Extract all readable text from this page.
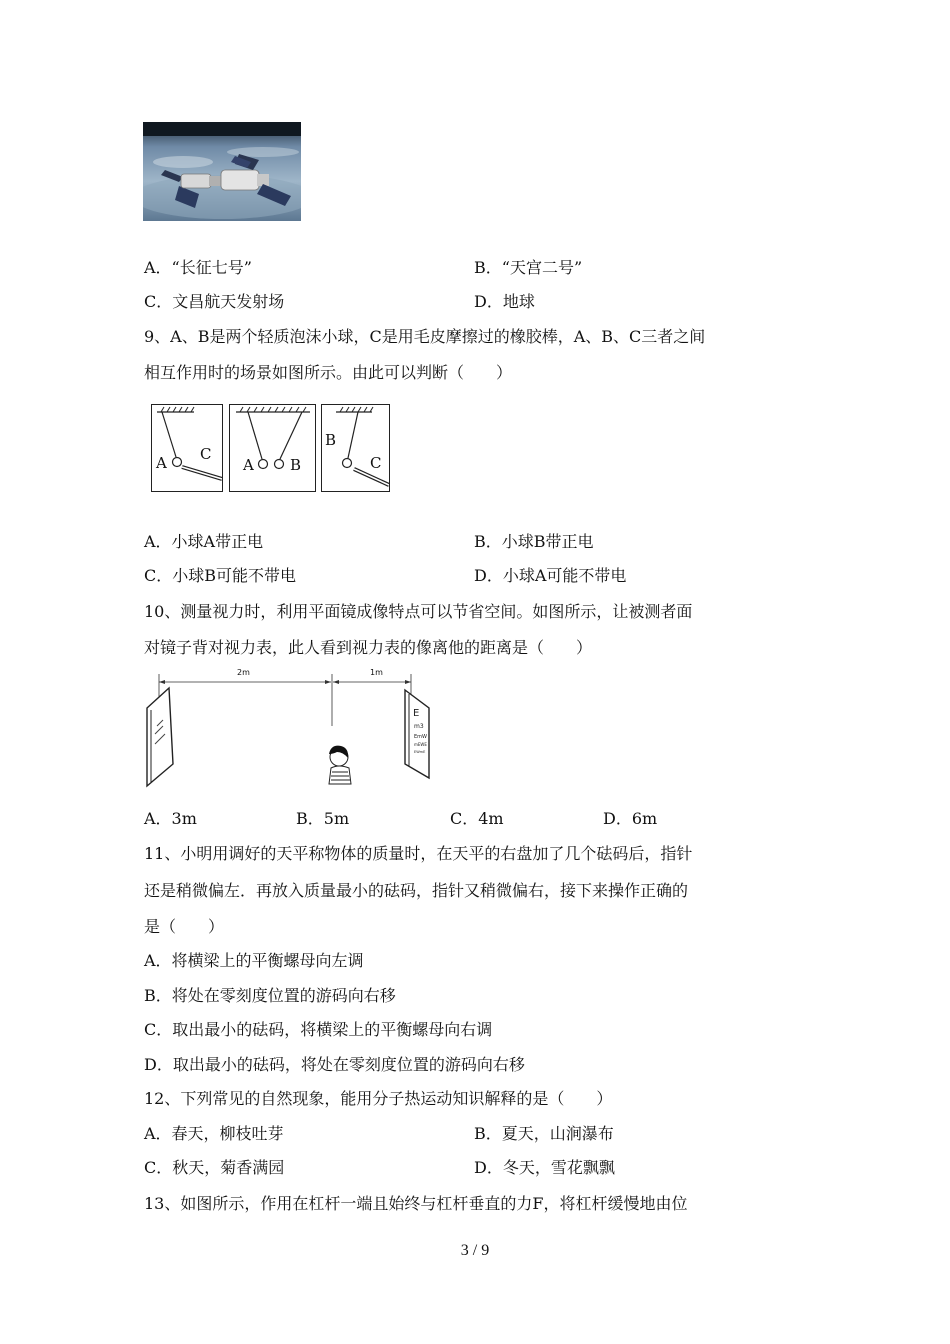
A．“长征七号”	B．“天宫二号”
C．文昌航天发射场	D．地球
9、A、B是两个轻质泡沫小球，C是用毛皮摩擦过的橡胶棒，A、B、C三者之间
相互作用时的场景如图所示。由此可以判断（　　）
A C
A B
B
C
A．小球A带正电	B．小球B带正电
C．小球B可能不带电	D．小球A可能不带电
10、测量视力时，利用平面镜成像特点可以节省空间。如图所示，让被测者面
对镜子背对视力表，此人看到视力表的像离他的距离是（　　）
E
m3
EmW
mEWE
EWmE
2m	1m
A．3m	B．5m	C．4m	D．6m
11、小明用调好的天平称物体的质量时，在天平的右盘加了几个砝码后，指针
还是稍微偏左．再放入质量最小的砝码，指针又稍微偏右，接下来操作正确的
是（　　）
A．将横梁上的平衡螺母向左调
B．将处在零刻度位置的游码向右移
C．取出最小的砝码，将横梁上的平衡螺母向右调
D．取出最小的砝码，将处在零刻度位置的游码向右移
12、下列常见的自然现象，能用分子热运动知识解释的是（　　）
A．春天，柳枝吐芽	B．夏天，山涧瀑布
C．秋天，菊香满园	D．冬天，雪花飘飘
13、如图所示，作用在杠杆一端且始终与杠杆垂直的力F，将杠杆缓慢地由位
3 / 9
